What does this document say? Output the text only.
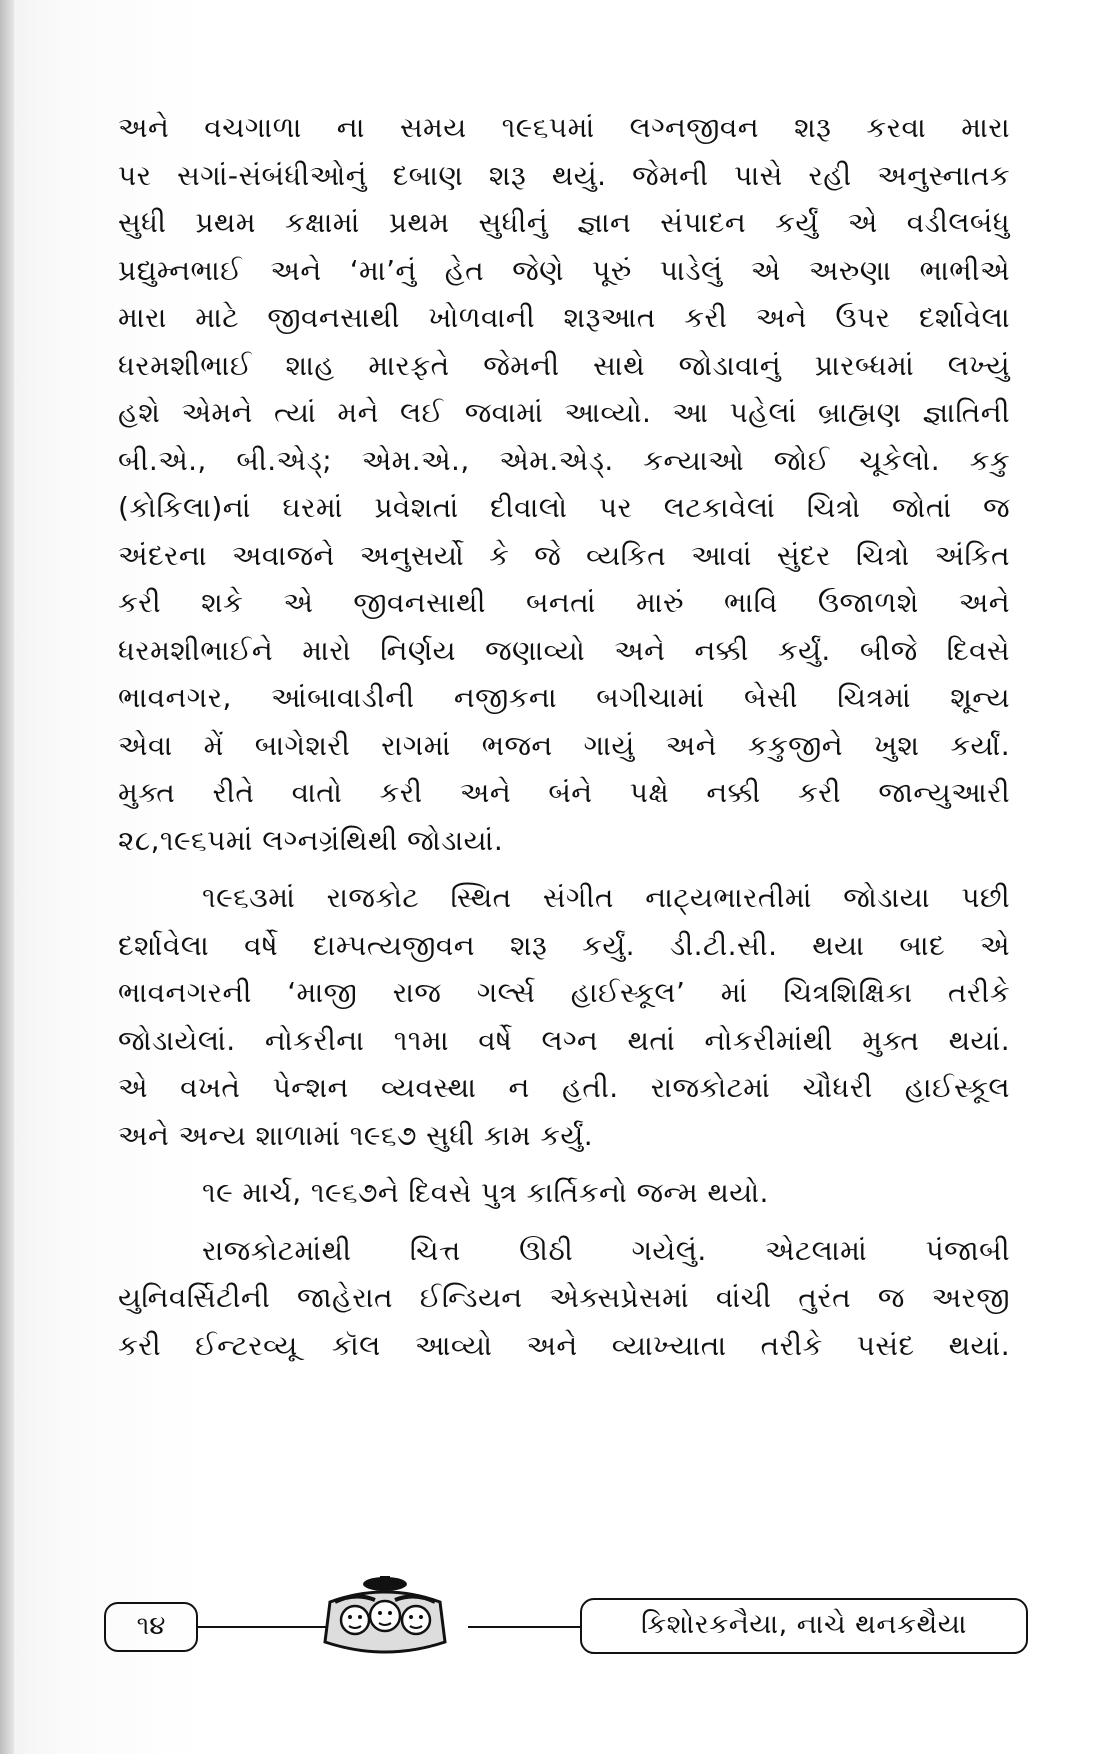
અને વચગાળા ના સમય ૧૯૬૫માં લગ્નજીવન શરૂ કરવા મારા
પર સગાં-સંબંધીઓનું દબાણ શરૂ થયું. જેમની પાસે રહી અનુસ્નાતક
સુધી પ્રથમ કક્ષામાં પ્રથમ સુધીનું જ્ઞાન સંપાદન કર્યું એ વડીલબંધુ
પ્રદ્યુમ્નભાઈ અને ‘મા’નું હેત જેણે પૂરું પાડેલું એ અરુણા ભાભીએ
મારા માટે જીવનસાથી ખોળવાની શરૂઆત કરી અને ઉપર દર્શાવેલા
ધરમશીભાઈ શાહ મારફતે જેમની સાથે જોડાવાનું પ્રારબ્ધમાં લખ્યું
હશે એમને ત્યાં મને લઈ જવામાં આવ્યો. આ પહેલાં બ્રાહ્મણ જ્ઞાતિની
બી.એ., બી.એડ્; એમ.એ., એમ.એડ્. કન્યાઓ જોઈ ચૂકેલો. કકુ
(કોકિલા)નાં ઘરમાં પ્રવેશતાં દીવાલો પર લટકાવેલાં ચિત્રો જોતાં જ
અંદરના અવાજને અનુસર્યો કે જે વ્યકિત આવાં સુંદર ચિત્રો અંકિત
કરી શકે એ જીવનસાથી બનતાં મારું ભાવિ ઉજાળશે અને
ધરમશીભાઈને મારો નિર્ણય જણાવ્યો અને નક્કી કર્યું. બીજે દિવસે
ભાવનગર, આંબાવાડીની નજીકના બગીચામાં બેસી ચિત્રમાં શૂન્ય
એવા મેં બાગેશરી રાગમાં ભજન ગાયું અને કકુજીને ખુશ કર્યાં.
મુક્ત રીતે વાતો કરી અને બંને પક્ષે નક્કી કરી જાન્યુઆરી
૨૮,૧૯૬૫માં લગ્નગ્રંથિથી જોડાયાં.
૧૯૬૩માં રાજકોટ સ્થિત સંગીત નાટ્યભારતીમાં જોડાયા પછી
દર્શાવેલા વર્ષે દામ્પત્યજીવન શરૂ કર્યું. ડી.ટી.સી. થયા બાદ એ
ભાવનગરની ‘માજી રાજ ગર્લ્સ હાઈસ્કૂલ’ માં ચિત્રશિક્ષિકા તરીકે
જોડાયેલાં. નોકરીના ૧૧મા વર્ષે લગ્ન થતાં નોકરીમાંથી મુક્ત થયાં.
એ વખતે પેન્શન વ્યવસ્થા ન હતી. રાજકોટમાં ચૌધરી હાઈસ્કૂલ
અને અન્ય શાળામાં ૧૯૬૭ સુધી કામ કર્યું.
૧૯ માર્ચ, ૧૯૬૭ને દિવસે પુત્ર કાર્તિકનો જન્મ થયો.
રાજકોટમાંથી ચિત્ત ઊઠી ગયેલું. એટલામાં પંજાબી
યુનિવર્સિટીની જાહેરાત ઈન્ડિયન એક્સપ્રેસમાં વાંચી તુરંત જ અરજી
કરી ઈન્ટરવ્યૂ કૉલ આવ્યો અને વ્યાખ્યાતા તરીકે પસંદ થયાં.
૧૪	કિશોરકનૈયા, નાચે થનકથૈયા
